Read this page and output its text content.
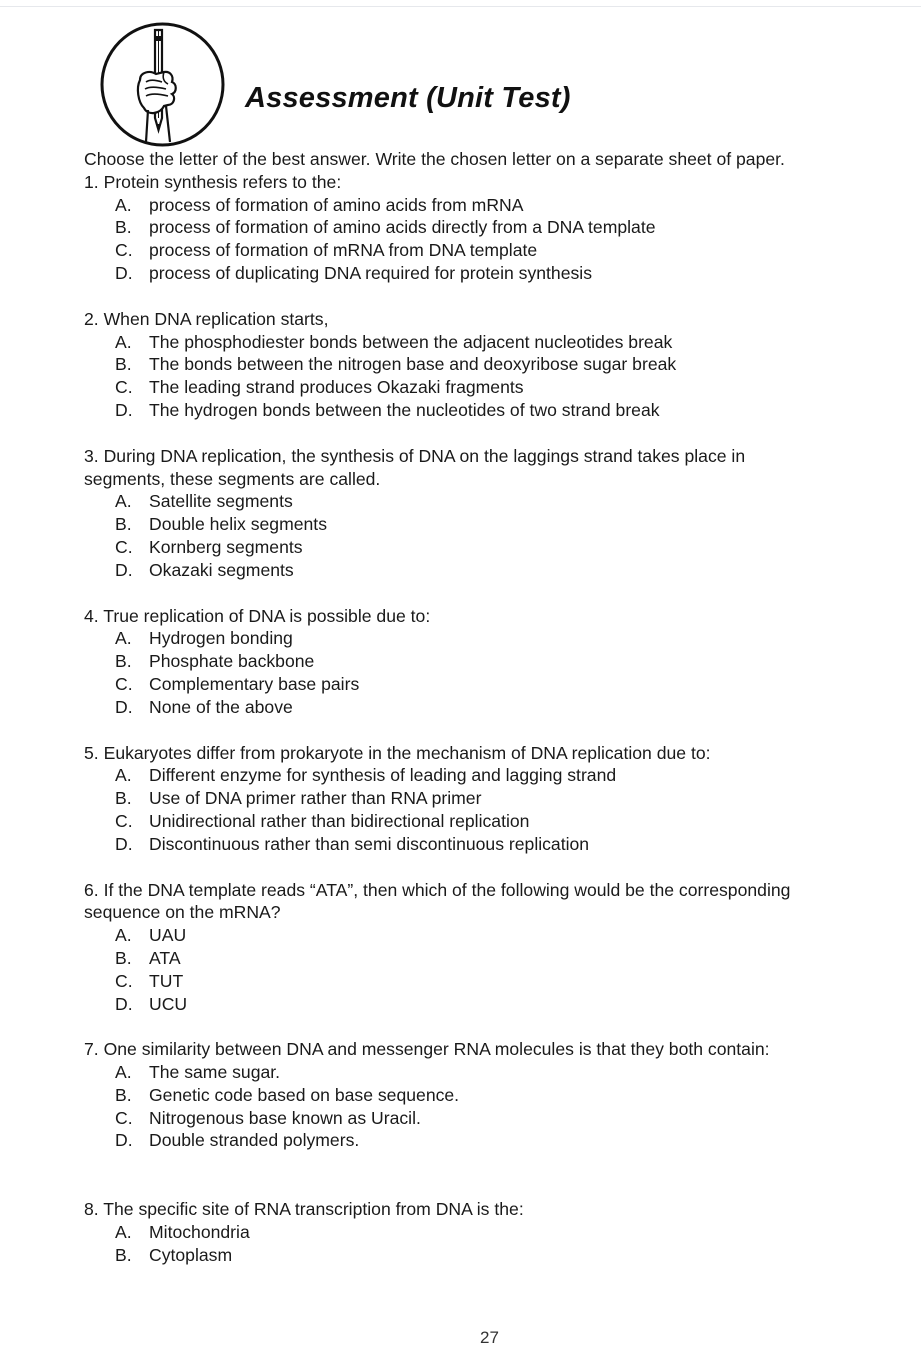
Assessment (Unit Test)

Choose the letter of the best answer. Write the chosen letter on a separate sheet of paper.

1. Protein synthesis refers to the:
A. process of formation of amino acids from mRNA
B. process of formation of amino acids directly from a DNA template
C. process of formation of mRNA from DNA template
D. process of duplicating DNA required for protein synthesis
2. When DNA replication starts,
A. The phosphodiester bonds between the adjacent nucleotides break
B. The bonds between the nitrogen base and deoxyribose sugar break
C. The leading strand produces Okazaki fragments
D. The hydrogen bonds between the nucleotides of two strand break
3. During DNA replication, the synthesis of DNA on the laggings strand takes place in
segments, these segments are called.
A. Satellite segments
B. Double helix segments
C. Kornberg segments
D. Okazaki segments
4. True replication of DNA is possible due to:
A. Hydrogen bonding
B. Phosphate backbone
C. Complementary base pairs
D. None of the above
5. Eukaryotes differ from prokaryote in the mechanism of DNA replication due to:
A. Different enzyme for synthesis of leading and lagging strand
B. Use of DNA primer rather than RNA primer
C. Unidirectional rather than bidirectional replication
D. Discontinuous rather than semi discontinuous replication
6. If the DNA template reads “ATA”, then which of the following would be the corresponding
sequence on the mRNA?
A. UAU
B. ATA
C. TUT
D. UCU
7. One similarity between DNA and messenger RNA molecules is that they both contain:
A. The same sugar.
B. Genetic code based on base sequence.
C. Nitrogenous base known as Uracil.
D. Double stranded polymers.
8. The specific site of RNA transcription from DNA is the:
A. Mitochondria
B. Cytoplasm
27
